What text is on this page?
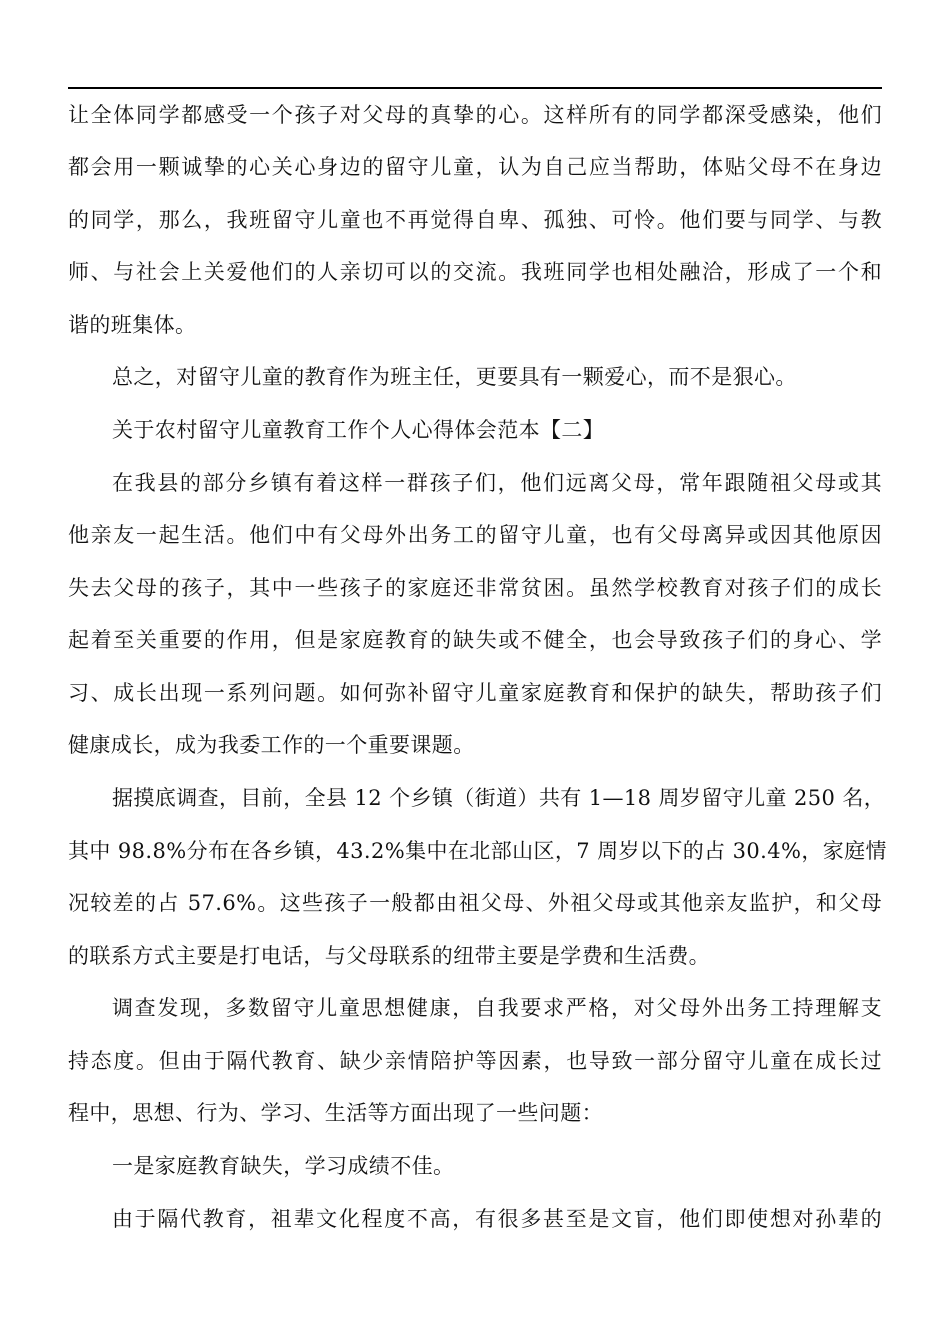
让全体同学都感受一个孩子对父母的真挚的心。这样所有的同学都深受感染，他们
都会用一颗诚挚的心关心身边的留守儿童，认为自己应当帮助，体贴父母不在身边
的同学，那么，我班留守儿童也不再觉得自卑、孤独、可怜。他们要与同学、与教
师、与社会上关爱他们的人亲切可以的交流。我班同学也相处融洽，形成了一个和
谐的班集体。
总之，对留守儿童的教育作为班主任，更要具有一颗爱心，而不是狠心。
关于农村留守儿童教育工作个人心得体会范本【二】
在我县的部分乡镇有着这样一群孩子们，他们远离父母，常年跟随祖父母或其
他亲友一起生活。他们中有父母外出务工的留守儿童，也有父母离异或因其他原因
失去父母的孩子，其中一些孩子的家庭还非常贫困。虽然学校教育对孩子们的成长
起着至关重要的作用，但是家庭教育的缺失或不健全，也会导致孩子们的身心、学
习、成长出现一系列问题。如何弥补留守儿童家庭教育和保护的缺失，帮助孩子们
健康成长，成为我委工作的一个重要课题。
据摸底调查，目前，全县 12 个乡镇（街道）共有 1—18 周岁留守儿童 250 名，
其中 98.8%分布在各乡镇，43.2%集中在北部山区，7 周岁以下的占 30.4%，家庭情
况较差的占 57.6%。这些孩子一般都由祖父母、外祖父母或其他亲友监护，和父母
的联系方式主要是打电话，与父母联系的纽带主要是学费和生活费。
调查发现，多数留守儿童思想健康，自我要求严格，对父母外出务工持理解支
持态度。但由于隔代教育、缺少亲情陪护等因素，也导致一部分留守儿童在成长过
程中，思想、行为、学习、生活等方面出现了一些问题：
一是家庭教育缺失，学习成绩不佳。
由于隔代教育，祖辈文化程度不高，有很多甚至是文盲，他们即使想对孙辈的
